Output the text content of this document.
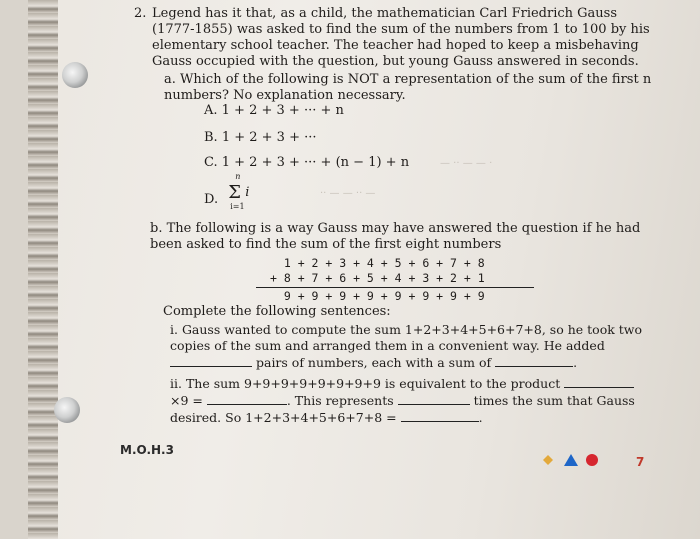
— ·· — — ·
·· — — ·· —
2. Legend has it that, as a child, the mathematician Carl Friedrich Gauss (1777-1855) was asked to find the sum of the numbers from 1 to 100 by his elementary school teacher. The teacher had hoped to keep a misbehaving Gauss occupied with the question, but young Gauss answered in seconds.
a. Which of the following is NOT a representation of the sum of the first n numbers? No explanation necessary.
A. 1 + 2 + 3 + ··· + n
B. 1 + 2 + 3 + ···
C. 1 + 2 + 3 + ··· + (n − 1) + n
D.
n
Σ
i=1
i
b. The following is a way Gauss may have answered the question if he had been asked to find the sum of the first eight numbers
1 + 2 + 3 + 4 + 5 + 6 + 7 + 8
+ 8 + 7 + 6 + 5 + 4 + 3 + 2 + 1
9 + 9 + 9 + 9 + 9 + 9 + 9 + 9
Complete the following sentences:
i. Gauss wanted to compute the sum 1+2+3+4+5+6+7+8, so he took two copies of the sum and arranged them in a convenient way. He added  pairs of numbers, each with a sum of	.
ii. The sum 9+9+9+9+9+9+9+9 is equivalent to the product ×9 =	. This represents	times the sum that Gauss desired. So 1+2+3+4+5+6+7+8 =	.
M.O.H.3
7
